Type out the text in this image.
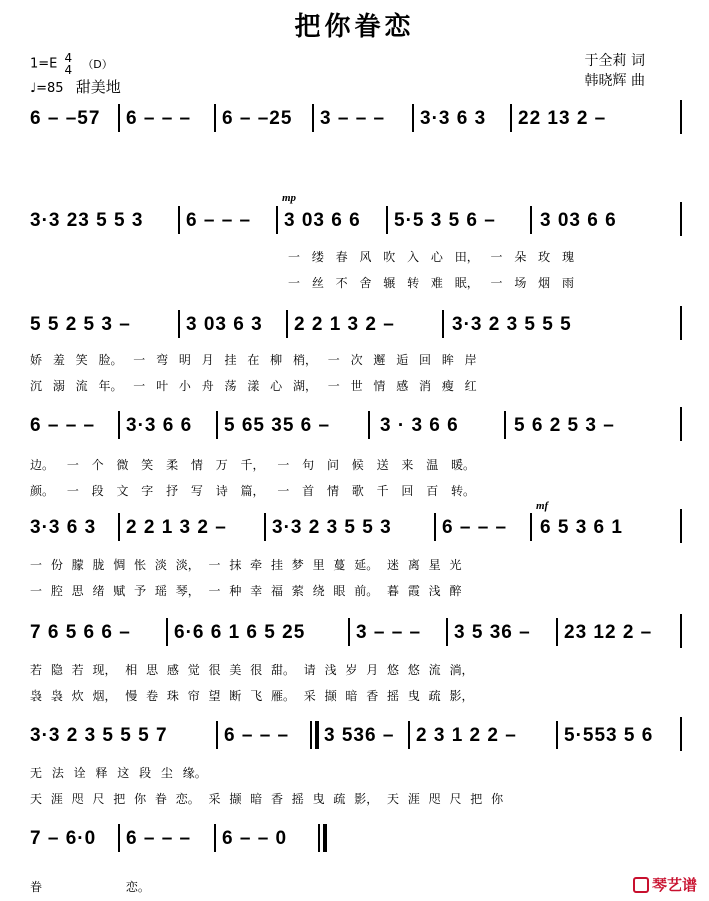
把你眷恋
1=E 4
4 （D）
♩=85 甜美地
于全莉 词
韩晓辉 曲
6 – –57 6 – – – 6 – –25 3 – – – 3·3 6 3 22 13 2 –
mp
3·3 23 5 5 3 6 – – – 3 03 6 6 5·5 3 5 6 – 3 03 6 6
一 缕 春 风 吹 入 心 田， 一 朵 玫 瑰
一 丝 不 舍 辗 转 难 眠， 一 场 烟 雨
5 5 2 5 3 –	3 03 6 3 2 2 1 3 2 –	3·3 2 3 5 5 5
娇 羞 笑 脸。 一 弯 明 月 挂 在 柳 梢， 一 次 邂 逅 回 眸 岸
沉 溺 流 年。 一 叶 小 舟 荡 漾 心 湖， 一 世 情 感 消 瘦 红
6 – – – 3·3 6 6 5 65 35 6 –	3 · 3 6 6	5 6 2 5 3 –
边。 一 个 微 笑 柔 情 万 千， 一 句 问 候 送 来 温 暖。
颜。 一 段 文 字 抒 写 诗 篇， 一 首 情 歌 千 回 百 转。
mf
3·3 6 3 2 2 1 3 2 – 3·3 2 3 5 5 3	6 – – – 6 5 3 6 1
一 份 朦 胧 惆 怅 淡 淡， 一 抹 牵 挂 梦 里 蔓 延。 迷 离 星 光
一 腔 思 绪 赋 予 瑶 琴， 一 种 幸 福 萦 绕 眼 前。 暮 霞 浅 醉
7 6 5 6 6 – 6·6 6 1 6 5 25	3 – – – 3 5 36 – 23 12 2 –
若 隐 若 现， 相 思 感 觉 很 美 很 甜。 请 浅 岁 月 悠 悠 流 淌，
袅 袅 炊 烟， 慢 卷 珠 帘 望 断 飞 雁。 采 撷 暗 香 摇 曳 疏 影，
3·3 2 3 5 5 5 7	6 – – – 3 536 – 2 3 1 2 2 – 5·553 5 6
无 法 诠 释 这 段 尘 缘。
天 涯 咫 尺 把 你 眷 恋。 采 撷 暗 香 摇 曳 疏 影， 天 涯 咫 尺 把 你
7 – 6·0 6 – – – 6 – – 0
眷 恋。	琴艺谱
